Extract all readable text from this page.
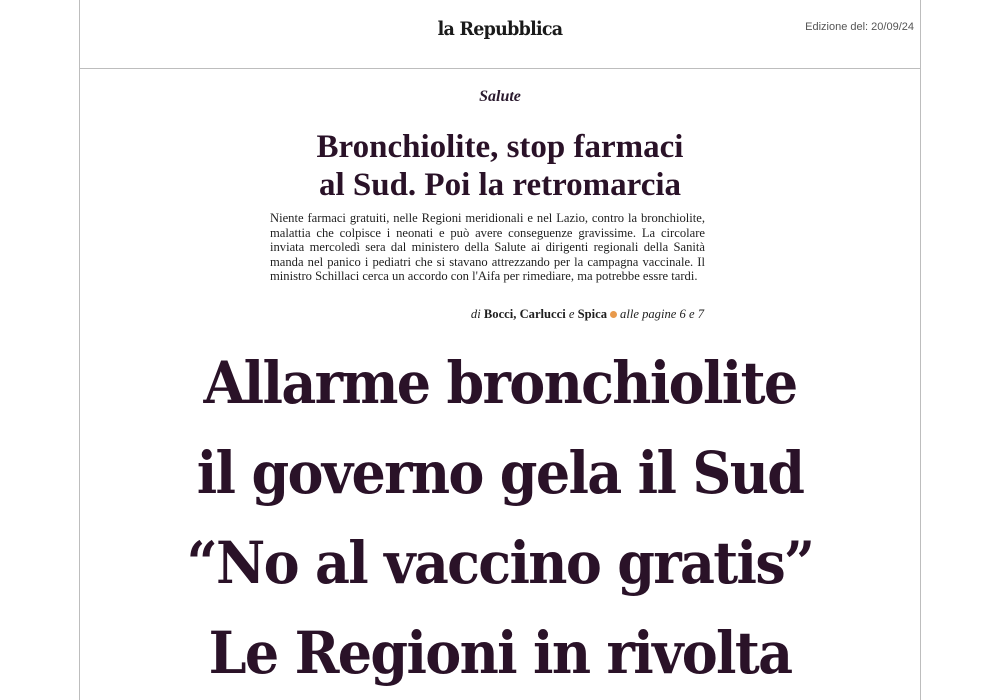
la Repubblica	Edizione del: 20/09/24
Salute
Bronchiolite, stop farmaci
al Sud. Poi la retromarcia
Niente farmaci gratuiti, nelle Regioni meridionali e nel Lazio, contro la bronchiolite, malattia che colpisce i neonati e può avere conseguenze gravissime. La circolare inviata mercoledì sera dal ministero della Salute ai dirigenti regionali della Sanità manda nel panico i pediatri che si stavano attrezzando per la campagna vaccinale. Il ministro Schillaci cerca un accordo con l'Aifa per rimediare, ma potrebbe essre tardi.
di Bocci, Carlucci e Spica alle pagine 6 e 7
Allarme bronchiolite
il governo gela il Sud
“No al vaccino gratis”
Le Regioni in rivolta
